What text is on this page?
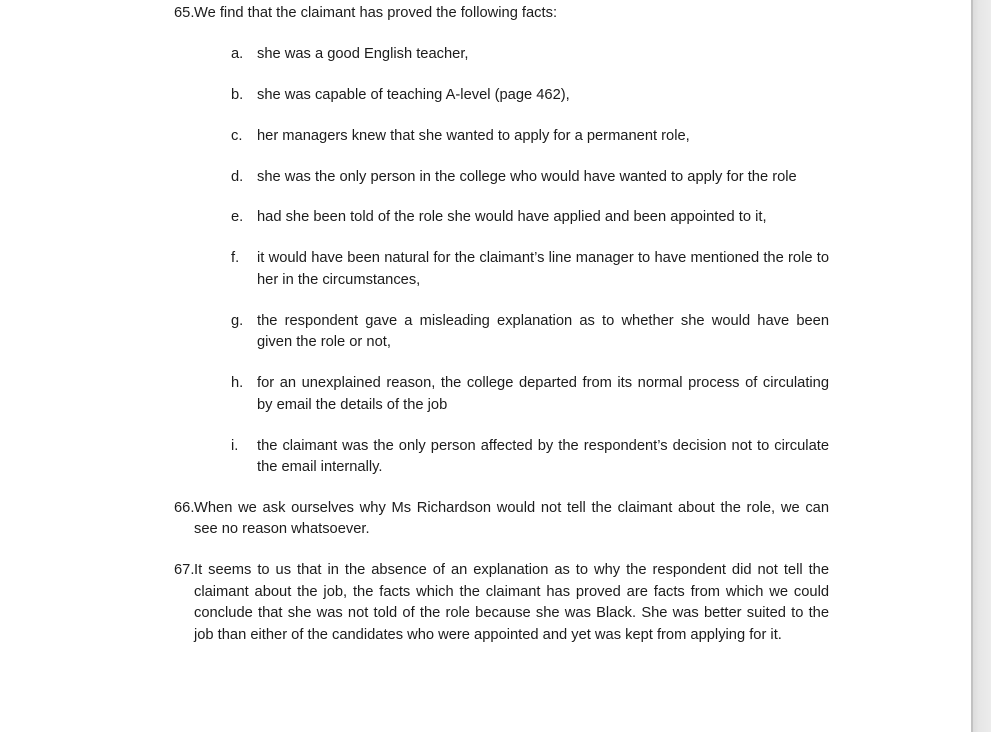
65. We find that the claimant has proved the following facts:
a. she was a good English teacher,
b. she was capable of teaching A-level (page 462),
c. her managers knew that she wanted to apply for a permanent role,
d. she was the only person in the college who would have wanted to apply for the role
e. had she been told of the role she would have applied and been appointed to it,
f.	it would have been natural for the claimant’s line manager to have mentioned the role to her in the circumstances,
g. the respondent gave a misleading explanation as to whether she would have been given the role or not,
h. for an unexplained reason, the college departed from its normal process of circulating by email the details of the job
i.	the claimant was the only person affected by the respondent’s decision not to circulate the email internally.
66. When we ask ourselves why Ms Richardson would not tell the claimant about the role, we can see no reason whatsoever.
67. It seems to us that in the absence of an explanation as to why the respondent did not tell the claimant about the job, the facts which the claimant has proved are facts from which we could conclude that she was not told of the role because she was Black. She was better suited to the job than either of the candidates who were appointed and yet was kept from applying for it.
